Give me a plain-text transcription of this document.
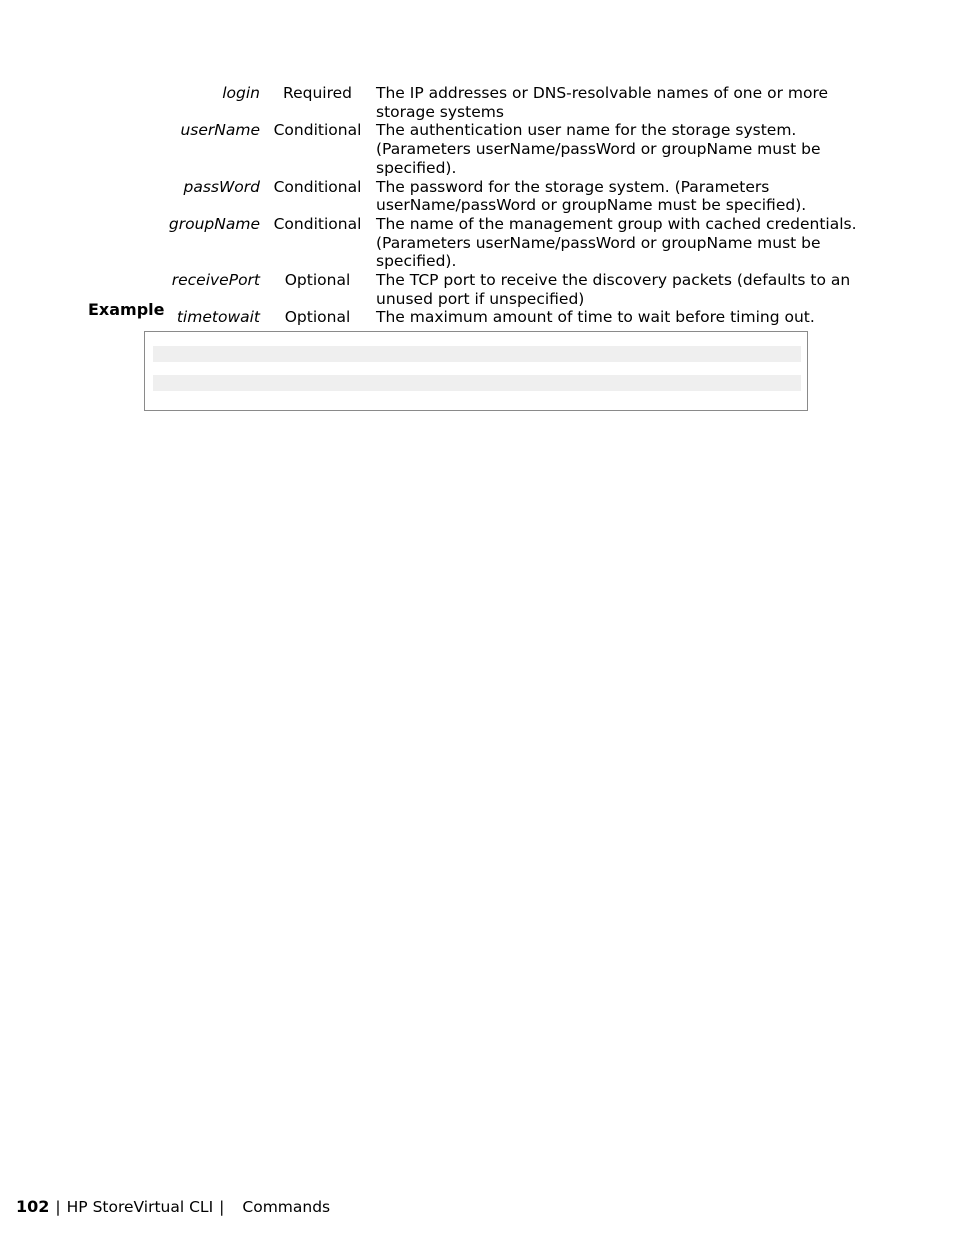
login	Required	The IP addresses or DNS-resolvable names of one or more storage systems
userName Conditional The authentication user name for the storage system. (Parameters userName/passWord or groupName must be specified).
passWord Conditional The password for the storage system. (Parameters userName/passWord or groupName must be specified).
groupName Conditional The name of the management group with cached credentials. (Parameters userName/passWord or groupName must be specified).
receivePort	Optional	The TCP port to receive the discovery packets (defaults to an unused port if unspecified)
timetowait	Optional	The maximum amount of time to wait before timing out.
Example
102 | HP StoreVirtual CLI | Commands
